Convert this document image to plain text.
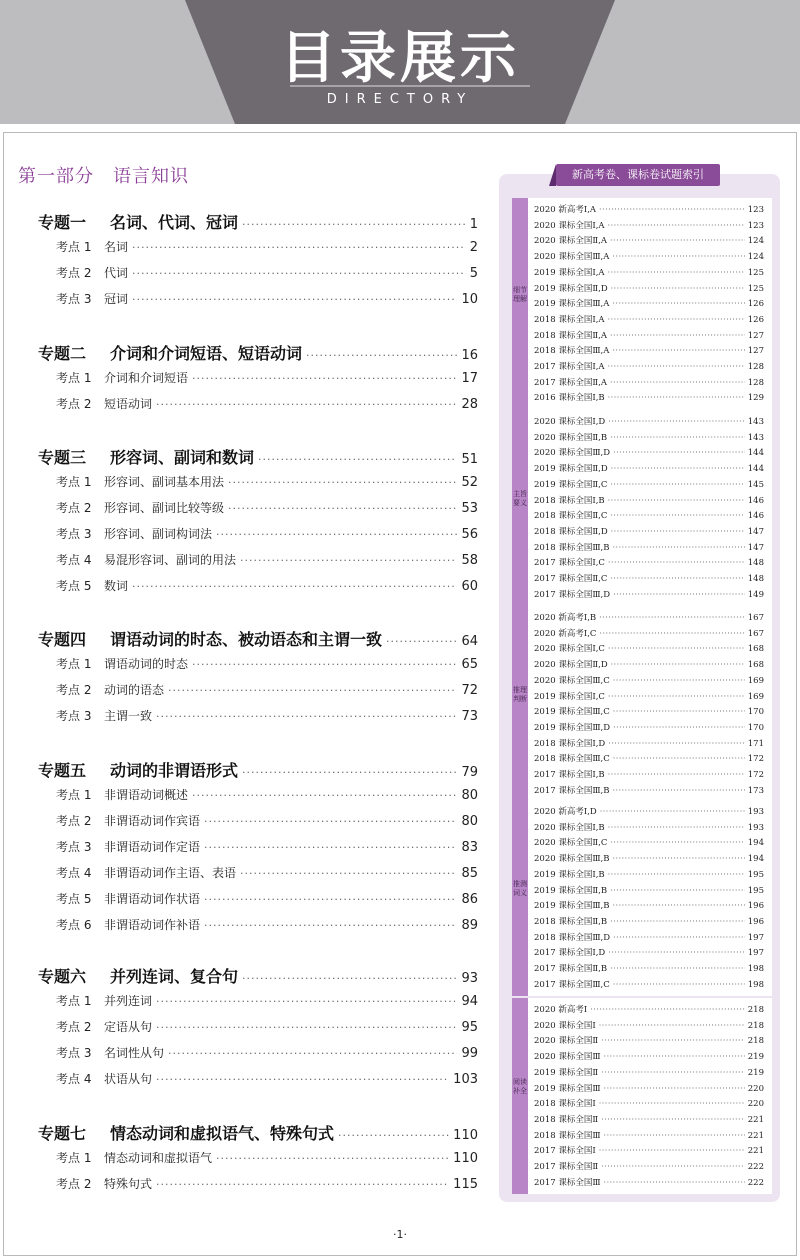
目录展示
DIRECTORY
第一部分　语言知识
专题一	名词、代词、冠词 ·····	1
考点 1	名词 ·····	2
考点 2	代词 ·····	5
考点 3	冠词 ·····	10
专题二	介词和介词短语、短语动词 ·····	16
考点 1	介词和介词短语 ·····	17
考点 2	短语动词 ·····	28
专题三	形容词、副词和数词 ·····	51
考点 1	形容词、副词基本用法 ·····	52
考点 2	形容词、副词比较等级 ·····	53
考点 3	形容词、副词构词法 ·····	56
考点 4	易混形容词、副词的用法 ·····	58
考点 5	数词 ·····	60
专题四	谓语动词的时态、被动语态和主谓一致 ·····	64
考点 1	谓语动词的时态 ·····	65
考点 2	动词的语态 ·····	72
考点 3	主谓一致 ·····	73
专题五	动词的非谓语形式 ·····	79
考点 1	非谓语动词概述 ·····	80
考点 2	非谓语动词作宾语 ·····	80
考点 3	非谓语动词作定语 ·····	83
考点 4	非谓语动词作主语、表语 ·····	85
考点 5	非谓语动词作状语 ·····	86
考点 6	非谓语动词作补语 ·····	89
专题六	并列连词、复合句 ·····	93
考点 1	并列连词 ·····	94
考点 2	定语从句 ·····	95
考点 3	名词性从句 ·····	99
考点 4	状语从句 ·····	103
专题七	情态动词和虚拟语气、特殊句式 ·····	110
考点 1	情态动词和虚拟语气 ·····	110
考点 2	特殊句式 ·····	115
新高考卷、课标卷试题索引
细节理解
2020 新高考Ⅰ,A ·····	123
2020 课标全国Ⅰ,A ·····	123
2020 课标全国Ⅱ,A ·····	124
2020 课标全国Ⅲ,A ·····	124
2019 课标全国Ⅰ,A ·····	125
2019 课标全国Ⅱ,D ·····	125
2019 课标全国Ⅲ,A ·····	126
2018 课标全国Ⅰ,A ·····	126
2018 课标全国Ⅱ,A ·····	127
2018 课标全国Ⅲ,A ·····	127
2017 课标全国Ⅰ,A ·····	128
2017 课标全国Ⅱ,A ·····	128
2016 课标全国Ⅰ,B ·····	129
主旨要义
2020 课标全国Ⅰ,D ·····	143
2020 课标全国Ⅱ,B ·····	143
2020 课标全国Ⅲ,D ·····	144
2019 课标全国Ⅱ,D ·····	144
2019 课标全国Ⅱ,C ·····	145
2018 课标全国Ⅰ,B ·····	146
2018 课标全国Ⅱ,C ·····	146
2018 课标全国Ⅱ,D ·····	147
2018 课标全国Ⅲ,B ·····	147
2017 课标全国Ⅰ,C ·····	148
2017 课标全国Ⅱ,C ·····	148
2017 课标全国Ⅲ,D ·····	149
推理判断
2020 新高考Ⅰ,B ·····	167
2020 新高考Ⅰ,C ·····	167
2020 课标全国Ⅰ,C ·····	168
2020 课标全国Ⅱ,D ·····	168
2020 课标全国Ⅲ,C ·····	169
2019 课标全国Ⅰ,C ·····	169
2019 课标全国Ⅲ,C ·····	170
2019 课标全国Ⅲ,D ·····	170
2018 课标全国Ⅰ,D ·····	171
2018 课标全国Ⅲ,C ·····	172
2017 课标全国Ⅰ,B ·····	172
2017 课标全国Ⅲ,B ·····	173
推测词义
2020 新高考Ⅰ,D ·····	193
2020 课标全国Ⅰ,B ·····	193
2020 课标全国Ⅱ,C ·····	194
2020 课标全国Ⅲ,B ·····	194
2019 课标全国Ⅰ,B ·····	195
2019 课标全国Ⅱ,B ·····	195
2019 课标全国Ⅲ,B ·····	196
2018 课标全国Ⅱ,B ·····	196
2018 课标全国Ⅲ,D ·····	197
2017 课标全国Ⅰ,D ·····	197
2017 课标全国Ⅱ,B ·····	198
2017 课标全国Ⅲ,C ·····	198
阅读补全
2020 新高考Ⅰ ·····	218
2020 课标全国Ⅰ ·····	218
2020 课标全国Ⅱ ·····	218
2020 课标全国Ⅲ ·····	219
2019 课标全国Ⅱ ·····	219
2019 课标全国Ⅲ ·····	220
2018 课标全国Ⅰ ·····	220
2018 课标全国Ⅱ ·····	221
2018 课标全国Ⅲ ·····	221
2017 课标全国Ⅰ ·····	221
2017 课标全国Ⅱ ·····	222
2017 课标全国Ⅲ ·····	222
·1·
